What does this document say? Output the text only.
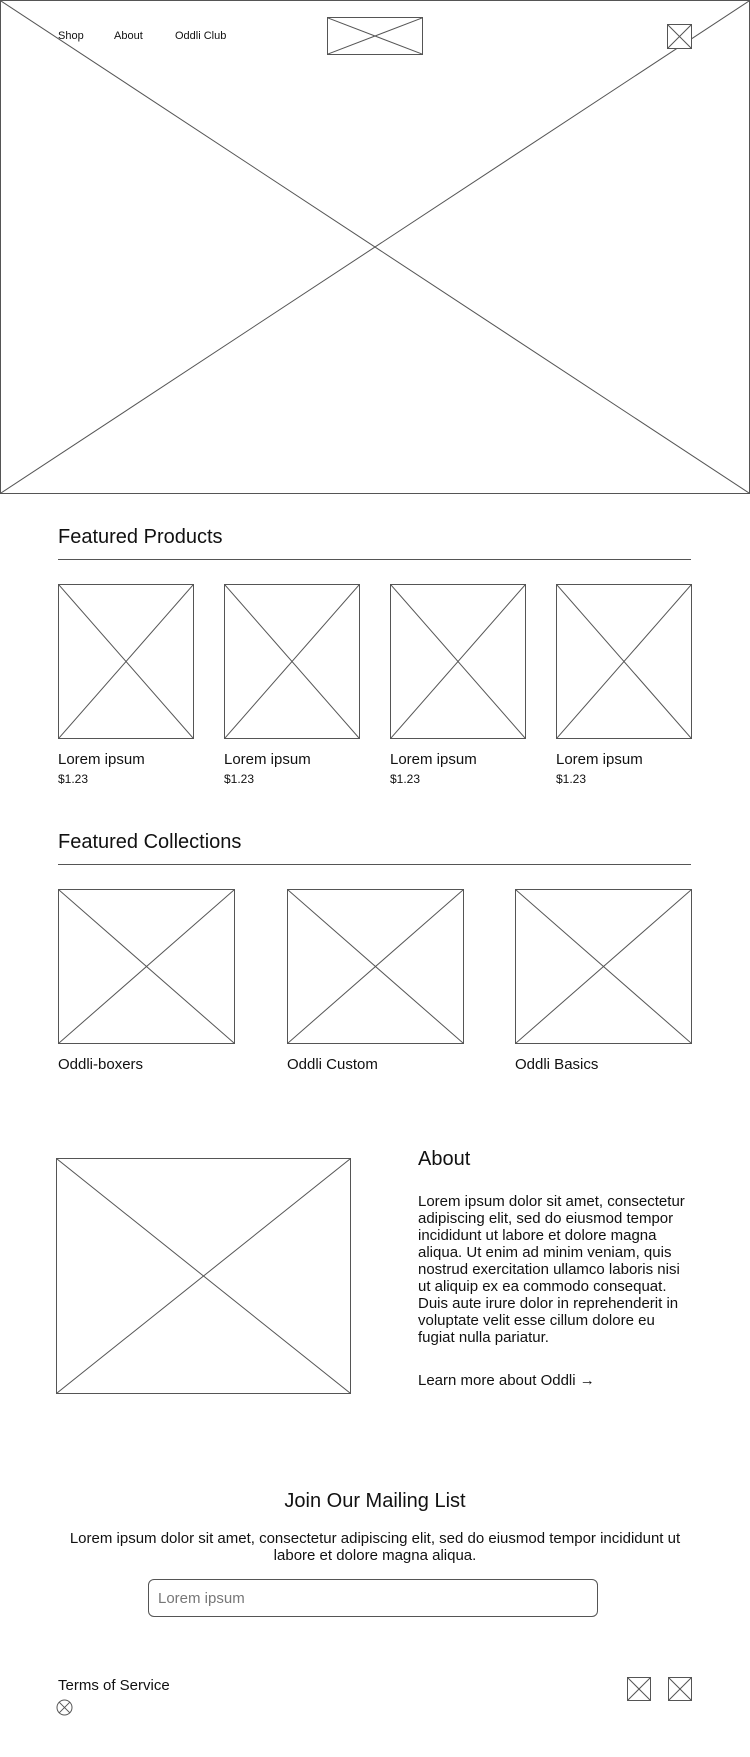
Shop	About	Oddli Club
Featured Products
Lorem ipsum
$1.23
Lorem ipsum
$1.23
Lorem ipsum
$1.23
Lorem ipsum
$1.23
Featured Collections
Oddli-boxers	Oddli Custom	Oddli Basics
About
Lorem ipsum dolor sit amet, consectetur adipiscing elit, sed do eiusmod tempor incididunt ut labore et dolore magna aliqua. Ut enim ad minim veniam, quis nostrud exercitation ullamco laboris nisi ut aliquip ex ea commodo consequat. Duis aute irure dolor in reprehenderit in voluptate velit esse cillum dolore eu fugiat nulla pariatur.
Learn more about Oddli →
Join Our Mailing List
Lorem ipsum dolor sit amet, consectetur adipiscing elit, sed do eiusmod tempor incididunt ut labore et dolore magna aliqua.
Lorem ipsum
Terms of Service
